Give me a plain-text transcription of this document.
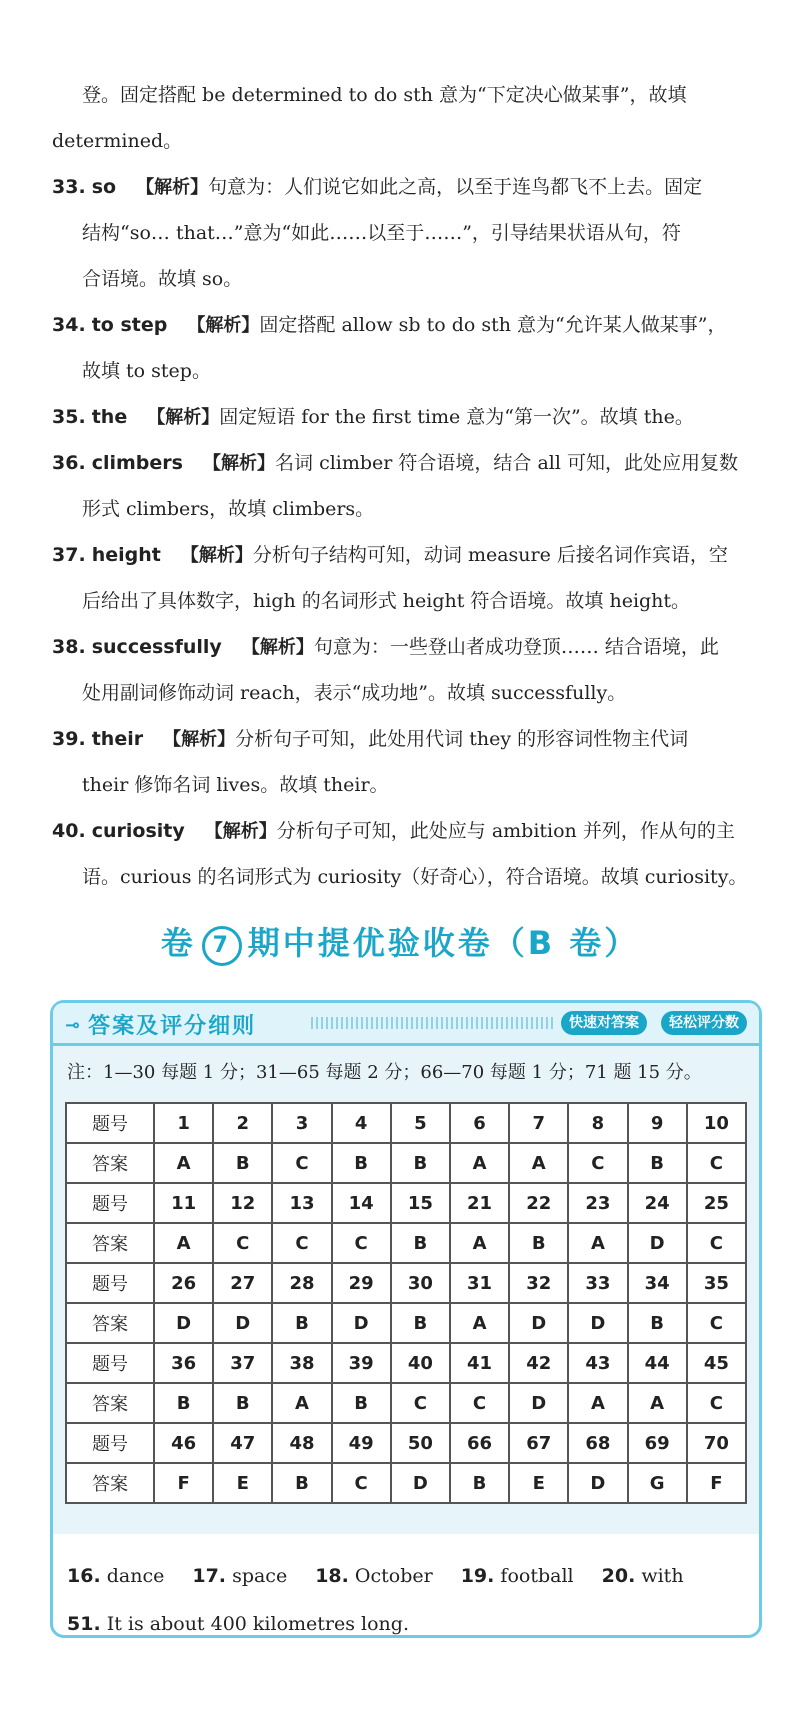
登。固定搭配 be determined to do sth 意为“下定决心做某事”，故填
determined。
33. so 【解析】句意为：人们说它如此之高，以至于连鸟都飞不上去。固定
结构“so… that…”意为“如此……以至于……”，引导结果状语从句，符
合语境。故填 so。
34. to step 【解析】固定搭配 allow sb to do sth 意为“允许某人做某事”，
故填 to step。
35. the 【解析】固定短语 for the first time 意为“第一次”。故填 the。
36. climbers 【解析】名词 climber 符合语境，结合 all 可知，此处应用复数
形式 climbers，故填 climbers。
37. height 【解析】分析句子结构可知，动词 measure 后接名词作宾语，空
后给出了具体数字，high 的名词形式 height 符合语境。故填 height。
38. successfully 【解析】句意为：一些登山者成功登顶…… 结合语境，此
处用副词修饰动词 reach，表示“成功地”。故填 successfully。
39. their 【解析】分析句子可知，此处用代词 they 的形容词性物主代词
their 修饰名词 lives。故填 their。
40. curiosity 【解析】分析句子可知，此处应与 ambition 并列，作从句的主
语。curious 的名词形式为 curiosity（好奇心），符合语境。故填 curiosity。
卷 7 期中提优验收卷（B 卷）
⊸ 答案及评分细则	快速对答案	轻松评分数
注：1—30 每题 1 分；31—65 每题 2 分；66—70 每题 1 分；71 题 15 分。
题号	1	2	3	4	5	6	7	8	9	10
答案	A	B	C	B	B	A	A	C	B	C
题号	11	12	13	14	15	21	22	23	24	25
答案	A	C	C	C	B	A	B	A	D	C
题号	26	27	28	29	30	31	32	33	34	35
答案	D	D	B	D	B	A	D	D	B	C
题号	36	37	38	39	40	41	42	43	44	45
答案	B	B	A	B	C	C	D	A	A	C
题号	46	47	48	49	50	66	67	68	69	70
答案	F	E	B	C	D	B	E	D	G	F
16. dance 17. space 18. October 19. football 20. with
51. It is about 400 kilometres long.
